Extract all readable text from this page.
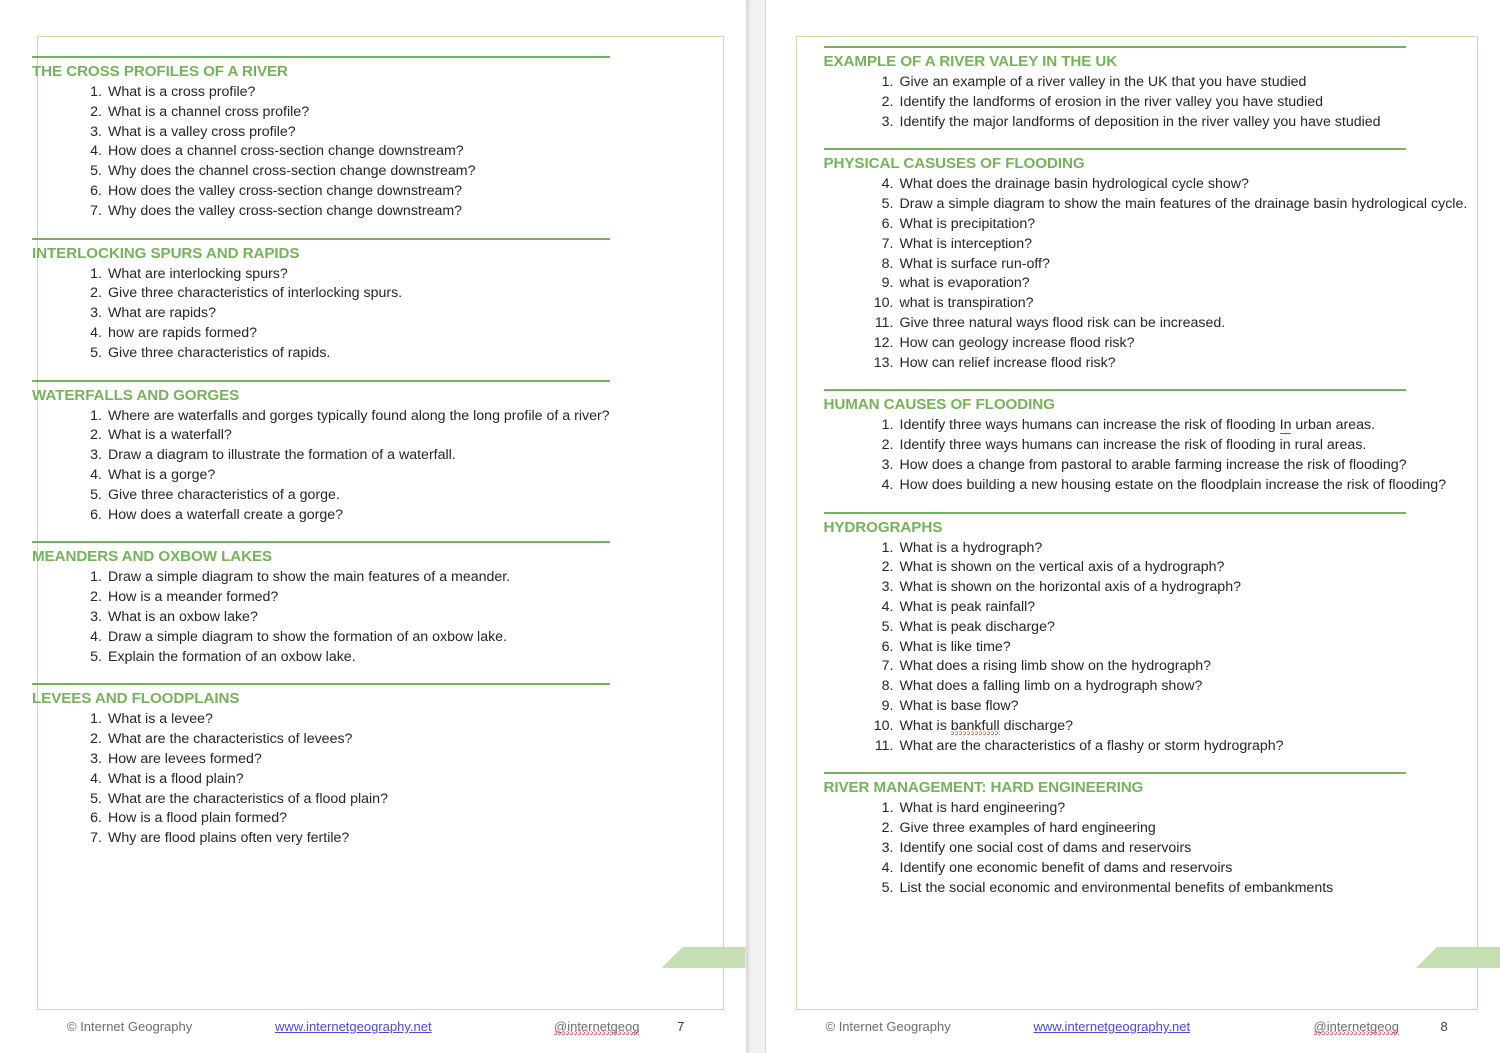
THE CROSS PROFILES OF A RIVER
1 . What is a cross profile?
2 . What is a channel cross profile?
3 . What is a valley cross profile?
4 . How does a channel cross-section change downstream?
5 . Why does the channel cross-section change downstream?
6 . How does the valley cross-section change downstream?
7 . Why does the valley cross-section change downstream?
INTERLOCKING SPURS AND RAPIDS
1 . What are interlocking spurs?
2 . Give three characteristics of interlocking spurs.
3 . What are rapids?
4 . how are rapids formed?
5 . Give three characteristics of rapids.
WATERFALLS AND GORGES
1 . Where are waterfalls and gorges typically found along the long profile of a river?
2 . What is a waterfall?
3 . Draw a diagram to illustrate the formation of a waterfall.
4 . What is a gorge?
5 . Give three characteristics of a gorge.
6 . How does a waterfall create a gorge?
MEANDERS AND OXBOW LAKES
1 . Draw a simple diagram to show the main features of a meander.
2 . How is a meander formed?
3 . What is an oxbow lake?
4 . Draw a simple diagram to show the formation of an oxbow lake.
5 . Explain the formation of an oxbow lake.
LEVEES AND FLOODPLAINS
1 . What is a levee?
2 . What are the characteristics of levees?
3 . How are levees formed?
4 . What is a flood plain?
5 . What are the characteristics of a flood plain?
6 . How is a flood plain formed?
7 . Why are flood plains often very fertile?
© Internet Geography	www.internetgeography.net	@internetgeog	7
EXAMPLE OF A RIVER VALEY IN THE UK
1 . Give an example of a river valley in the UK that you have studied
2 . Identify the landforms of erosion in the river valley you have studied
3 . Identify the major landforms of deposition in the river valley you have studied
PHYSICAL CASUSES OF FLOODING
4 . What does the drainage basin hydrological cycle show?
5 . Draw a simple diagram to show the main features of the drainage basin hydrological cycle.
6 . What is precipitation?
7 . What is interception?
8 . What is surface run-off?
9 . what is evaporation?
10 . what is transpiration?
11 . Give three natural ways flood risk can be increased.
12 . How can geology increase flood risk?
13 . How can relief increase flood risk?
HUMAN CAUSES OF FLOODING
1 . Identify three ways humans can increase the risk of flooding In urban areas.
2 . Identify three ways humans can increase the risk of flooding in rural areas.
3 . How does a change from pastoral to arable farming increase the risk of flooding?
4 . How does building a new housing estate on the floodplain increase the risk of flooding?
HYDROGRAPHS
1 . What is a hydrograph?
2 . What is shown on the vertical axis of a hydrograph?
3 . What is shown on the horizontal axis of a hydrograph?
4 . What is peak rainfall?
5 . What is peak discharge?
6 . What is like time?
7 . What does a rising limb show on the hydrograph?
8 . What does a falling limb on a hydrograph show?
9 . What is base flow?
10 . What is bankfull discharge?
11 . What are the characteristics of a flashy or storm hydrograph?
RIVER MANAGEMENT: HARD ENGINEERING
1 . What is hard engineering?
2 . Give three examples of hard engineering
3 . Identify one social cost of dams and reservoirs
4 . Identify one economic benefit of dams and reservoirs
5 . List the social economic and environmental benefits of embankments
© Internet Geography	www.internetgeography.net	@internetgeog	8
